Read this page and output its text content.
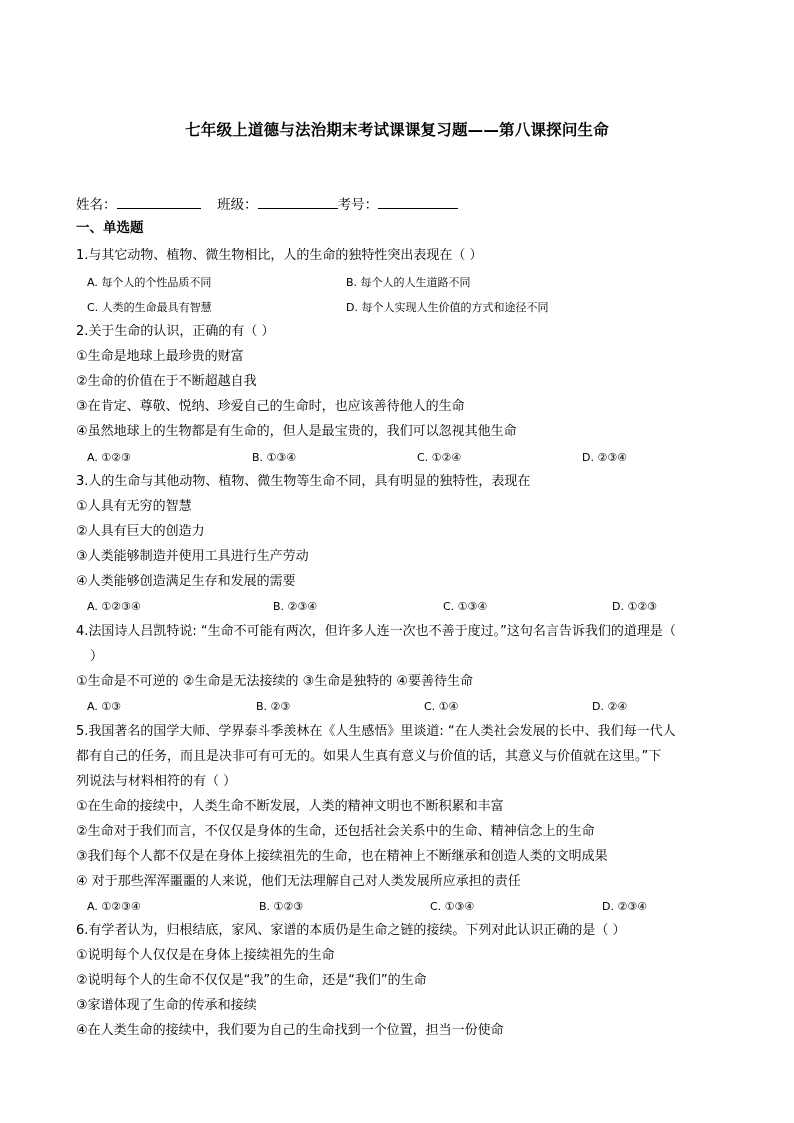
七年级上道德与法治期末考试课课复习题——第八课探问生命
姓名：	班级：	考号：
一、单选题
1.与其它动物、植物、微生物相比，人的生命的独特性突出表现在（ ）
A. 每个人的个性品质不同	B. 每个人的人生道路不同
C. 人类的生命最具有智慧	D. 每个人实现人生价值的方式和途径不同
2.关于生命的认识，正确的有（ ）
①生命是地球上最珍贵的财富
②生命的价值在于不断超越自我
③在肯定、尊敬、悦纳、珍爱自己的生命时，也应该善待他人的生命
④虽然地球上的生物都是有生命的，但人是最宝贵的，我们可以忽视其他生命
A. ①②③	B. ①③④	C. ①②④	D. ②③④
3.人的生命与其他动物、植物、微生物等生命不同，具有明显的独特性，表现在
①人具有无穷的智慧
②人具有巨大的创造力
③人类能够制造并使用工具进行生产劳动
④人类能够创造满足生存和发展的需要
A. ①②③④	B. ②③④	C. ①③④	D. ①②③
4.法国诗人吕凯特说: “生命不可能有两次，但许多人连一次也不善于度过。”这句名言告诉我们的道理是（
）
①生命是不可逆的 ②生命是无法接续的 ③生命是独特的 ④要善待生命
A. ①③	B. ②③	C. ①④	D. ②④
5.我国著名的国学大师、学界泰斗季羡林在《人生感悟》里谈道: “在人类社会发展的长中、我们每一代人
都有自己的任务，而且是决非可有可无的。如果人生真有意义与价值的话，其意义与价值就在这里。”下
列说法与材料相符的有（ ）
①在生命的接续中，人类生命不断发展，人类的精神文明也不断积累和丰富
②生命对于我们而言，不仅仅是身体的生命，还包括社会关系中的生命、精神信念上的生命
③我们每个人都不仅是在身体上接续祖先的生命，也在精神上不断继承和创造人类的文明成果
④ 对于那些浑浑噩噩的人来说，他们无法理解自己对人类发展所应承担的责任
A. ①②③④	B. ①②③	C. ①③④	D. ②③④
6.有学者认为，归根结底，家风、家谱的本质仍是生命之链的接续。下列对此认识正确的是（ ）
①说明每个人仅仅是在身体上接续祖先的生命
②说明每个人的生命不仅仅是“我”的生命，还是“我们”的生命
③家谱体现了生命的传承和接续
④在人类生命的接续中，我们要为自己的生命找到一个位置，担当一份使命
